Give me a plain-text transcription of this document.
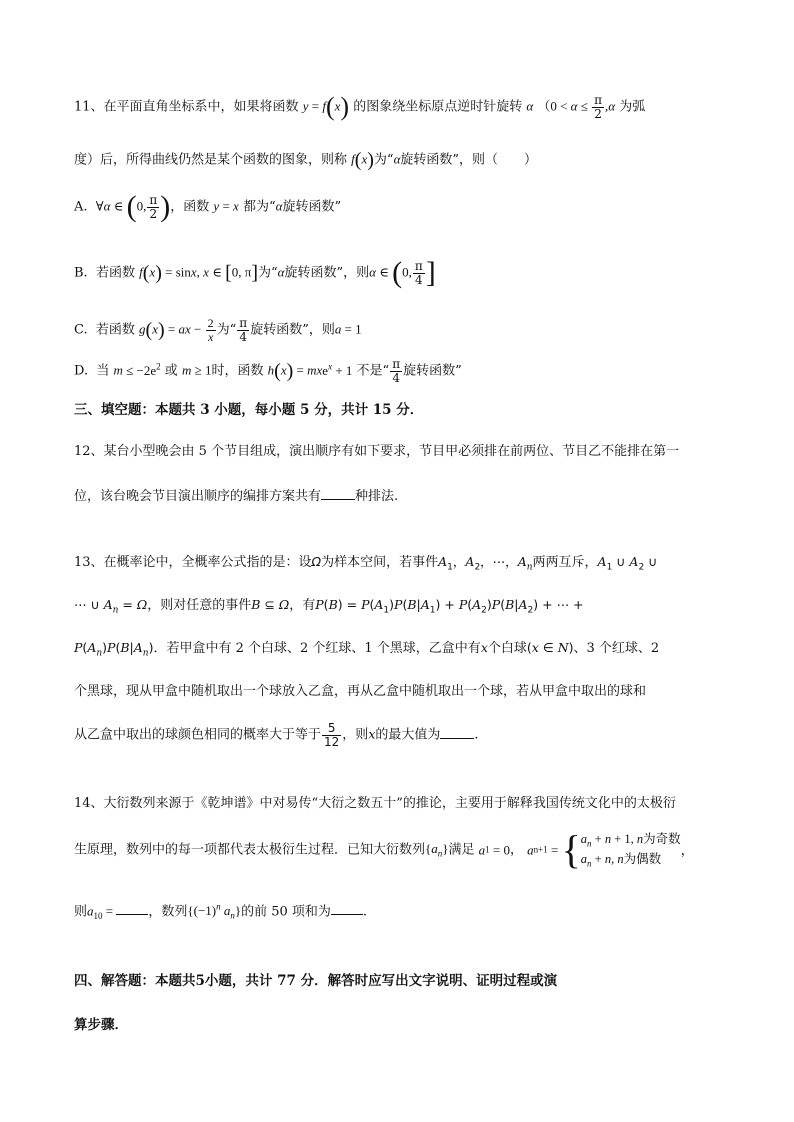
11、在平面直角坐标系中，如果将函数 y = f(x) 的图象绕坐标原点逆时针旋转 α （$0 < \alpha \le \frac{\pi}{2} ,\alpha$ 为弧
度）后，所得曲线仍然是某个函数的图象，则称 f(x)为“α旋转函数”，则（　　）
A. ∀α ∈ (0, $\frac{\pi}{2}$ )，函数 y = x 都为“α旋转函数”
B. 若函数 f(x) = sinx, x ∈ [0, π]为“α旋转函数”，则α ∈ (0, $\frac{\pi}{4}$ ]
C. 若函数 g(x) = ax − $\frac{2}{x}$ 为“ $\frac{\pi}{4}$ 旋转函数”，则a = 1
D. 当 $m \le -2e^2$ 或 m ≥ 1时，函数 h(x) = mxe$^x$ + 1 不是“ $\frac{\pi}{4}$ 旋转函数”
三、填空题：本题共 3 小题，每小题 5 分，共计 15 分．
12、某台小型晚会由 5 个节目组成，演出顺序有如下要求，节目甲必须排在前两位、节目乙不能排在第一
位，该台晚会节目演出顺序的编排方案共有	种排法.
13、在概率论中，全概率公式指的是：设Ω为样本空间，若事件$A_1$，$A_2$，⋯，$A_n$两两互斥，$A_1$ ∪ $A_2$ ∪
⋯ ∪ $A_n = \Omega$，则对任意的事件B ⊆ Ω，有$P(B) = P(A_1)P(B|A_1) + P(A_2)P(B|A_2)$ + ⋯ +
$P(A_n)P(B|A_n)$．若甲盒中有 2 个白球、2 个红球、1 个黑球，乙盒中有x个白球(x ∈ N)、3 个红球、2
个黑球，现从甲盒中随机取出一个球放入乙盒，再从乙盒中随机取出一个球，若从甲盒中取出的球和
从乙盒中取出的球颜色相同的概率大于等于 $\frac{5}{12}$ ，则x的最大值为	.
14、大衍数列来源于《乾坤谱》中对易传“大衍之数五十”的推论，主要用于解释我国传统文化中的太极衍
生原理，数列中的每一项都代表太极衍生过程．已知大衍数列$\{a_n\}$满足 a1 = 0， $an+1 = \{a_n + n + 1$, n为奇数
$a_n + n$, n为偶数，
则$a_{10}$ = ，数列{$(-1)^n$ $a_n$}的前 50 项和为 .
四、解答题：本题共5小题，共计 77 分．解答时应写出文字说明、证明过程或演
算步骤．
